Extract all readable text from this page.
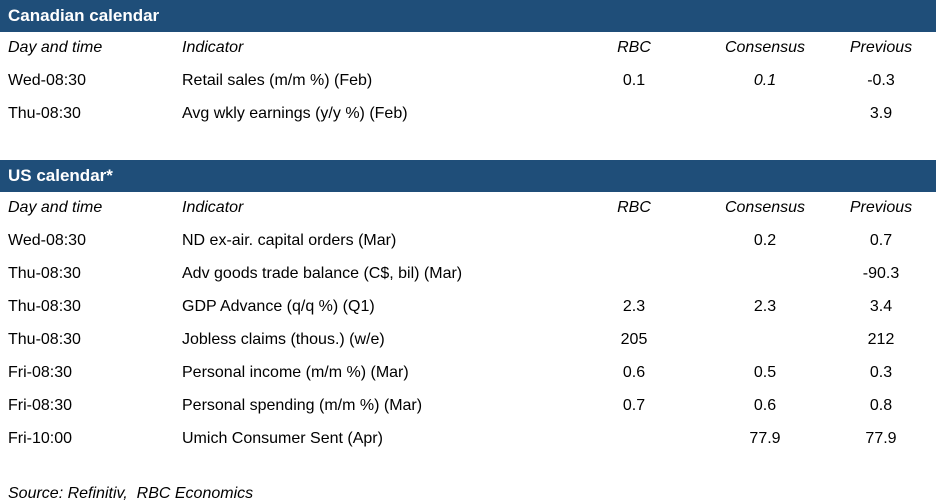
Canadian calendar
Day and time	Indicator	RBC	Consensus	Previous
Wed-08:30	Retail sales (m/m %) (Feb)	0.1	0.1	-0.3
Thu-08:30	Avg wkly earnings (y/y %) (Feb)			3.9
US calendar*
Day and time	Indicator	RBC	Consensus	Previous
Wed-08:30	ND ex-air. capital orders (Mar)		0.2	0.7
Thu-08:30	Adv goods trade balance (C$, bil) (Mar)			-90.3
Thu-08:30	GDP Advance (q/q %) (Q1)	2.3	2.3	3.4
Thu-08:30	Jobless claims (thous.) (w/e)	205		212
Fri-08:30	Personal income (m/m %) (Mar)	0.6	0.5	0.3
Fri-08:30	Personal spending (m/m %) (Mar)	0.7	0.6	0.8
Fri-10:00	Umich Consumer Sent (Apr)		77.9	77.9
Source: Refinitiv,  RBC Economics
